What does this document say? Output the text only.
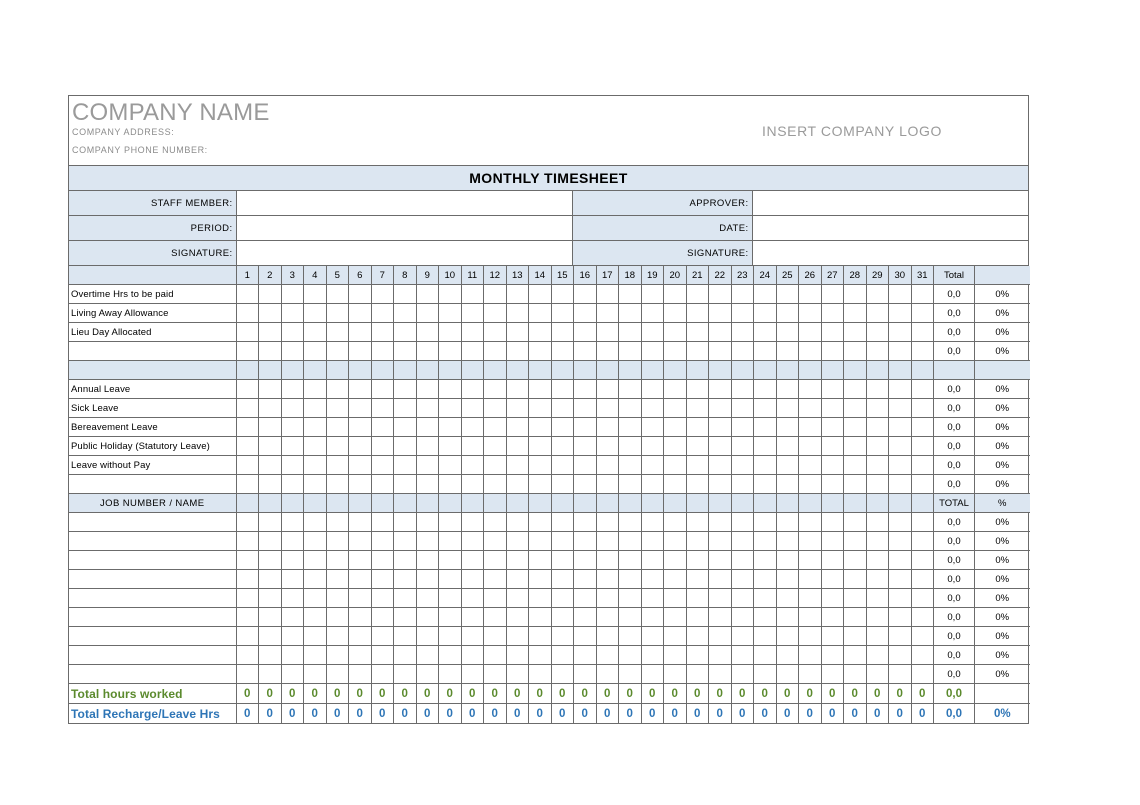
COMPANY NAME
COMPANY ADDRESS:
COMPANY PHONE NUMBER:
INSERT COMPANY LOGO
MONTHLY TIMESHEET
STAFF MEMBER:		APPROVER:	
PERIOD:		DATE:	
SIGNATURE:		SIGNATURE:	
	1	2	3	4	5	6	7	8	9	10	11	12	13	14	15	16	17	18	19	20	21	22	23	24	25	26	27	28	29	30	31	Total	
Overtime Hrs to be paid																																0,0	0%
Living Away Allowance																																0,0	0%
Lieu Day Allocated																																0,0	0%
																																0,0	0%

Annual Leave																																0,0	0%
Sick Leave																																0,0	0%
Bereavement Leave																																0,0	0%
Public Holiday (Statutory Leave)																																0,0	0%
Leave without Pay																																0,0	0%
																																0,0	0%
JOB NUMBER / NAME																																TOTAL	%
																																0,0	0%
																																0,0	0%
																																0,0	0%
																																0,0	0%
																																0,0	0%
																																0,0	0%
																																0,0	0%
																																0,0	0%
																																0,0	0%
Total hours worked	0	0	0	0	0	0	0	0	0	0	0	0	0	0	0	0	0	0	0	0	0	0	0	0	0	0	0	0	0	0	0	0,0	
Total Recharge/Leave Hrs	0	0	0	0	0	0	0	0	0	0	0	0	0	0	0	0	0	0	0	0	0	0	0	0	0	0	0	0	0	0	0	0,0	0%
